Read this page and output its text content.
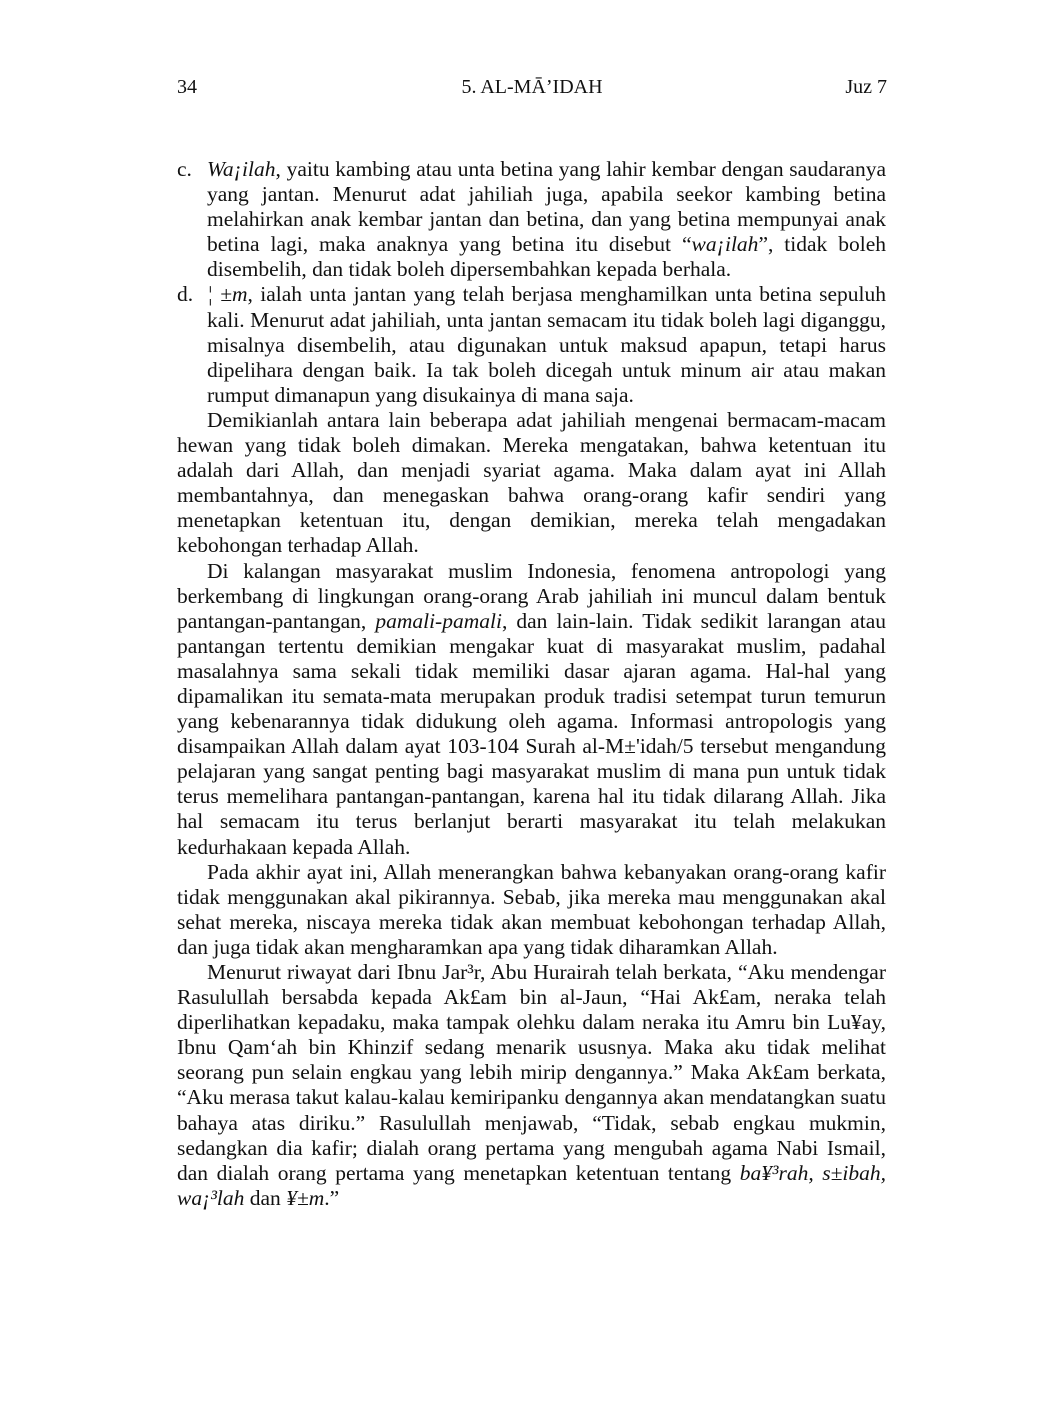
34	5. AL-MĀ’IDAH	Juz 7

c. Wa¡ilah, yaitu kambing atau unta betina yang lahir kembar dengan saudaranya yang jantan. Menurut adat jahiliah juga, apabila seekor kambing betina melahirkan anak kembar jantan dan betina, dan yang betina mempunyai anak betina lagi, maka anaknya yang betina itu disebut “wa¡ilah”, tidak boleh disembelih, dan tidak boleh dipersembahkan kepada berhala.

d. ¦ ±m, ialah unta jantan yang telah berjasa menghamilkan unta betina sepuluh kali. Menurut adat jahiliah, unta jantan semacam itu tidak boleh lagi diganggu, misalnya disembelih, atau digunakan untuk maksud apapun, tetapi harus dipelihara dengan baik. Ia tak boleh dicegah untuk minum air atau makan rumput dimanapun yang disukainya di mana saja.

Demikianlah antara lain beberapa adat jahiliah mengenai bermacam-macam hewan yang tidak boleh dimakan. Mereka mengatakan, bahwa ketentuan itu adalah dari Allah, dan menjadi syariat agama. Maka dalam ayat ini Allah membantahnya, dan menegaskan bahwa orang-orang kafir sendiri yang menetapkan ketentuan itu, dengan demikian, mereka telah mengadakan kebohongan terhadap Allah.

Di kalangan masyarakat muslim Indonesia, fenomena antropologi yang berkembang di lingkungan orang-orang Arab jahiliah ini muncul dalam bentuk pantangan-pantangan, pamali-pamali, dan lain-lain. Tidak sedikit larangan atau pantangan tertentu demikian mengakar kuat di masyarakat muslim, padahal masalahnya sama sekali tidak memiliki dasar ajaran agama. Hal-hal yang dipamalikan itu semata-mata merupakan produk tradisi setempat turun temurun yang kebenarannya tidak didukung oleh agama. Informasi antropologis yang disampaikan Allah dalam ayat 103-104 Surah al-M±'idah/5 tersebut mengandung pelajaran yang sangat penting bagi masyarakat muslim di mana pun untuk tidak terus memelihara pantangan-pantangan, karena hal itu tidak dilarang Allah. Jika hal semacam itu terus berlanjut berarti masyarakat itu telah melakukan kedurhakaan kepada Allah.

Pada akhir ayat ini, Allah menerangkan bahwa kebanyakan orang-orang kafir tidak menggunakan akal pikirannya. Sebab, jika mereka mau menggunakan akal sehat mereka, niscaya mereka tidak akan membuat kebohongan terhadap Allah, dan juga tidak akan mengharamkan apa yang tidak diharamkan Allah.

Menurut riwayat dari Ibnu Jar³r, Abu Hurairah telah berkata, “Aku mendengar Rasulullah bersabda kepada Ak£am bin al-Jaun, “Hai Ak£am, neraka telah diperlihatkan kepadaku, maka tampak olehku dalam neraka itu Amru bin Lu¥ay, Ibnu Qam‘ah bin Khinzif sedang menarik ususnya. Maka aku tidak melihat seorang pun selain engkau yang lebih mirip dengannya.” Maka Ak£am berkata, “Aku merasa takut kalau-kalau kemiripanku dengannya akan mendatangkan suatu bahaya atas diriku.” Rasulullah menjawab, “Tidak, sebab engkau mukmin, sedangkan dia kafir; dialah orang pertama yang mengubah agama Nabi Ismail, dan dialah orang pertama yang menetapkan ketentuan tentang ba¥³rah, s±ibah, wa¡³lah dan ¥±m.”
